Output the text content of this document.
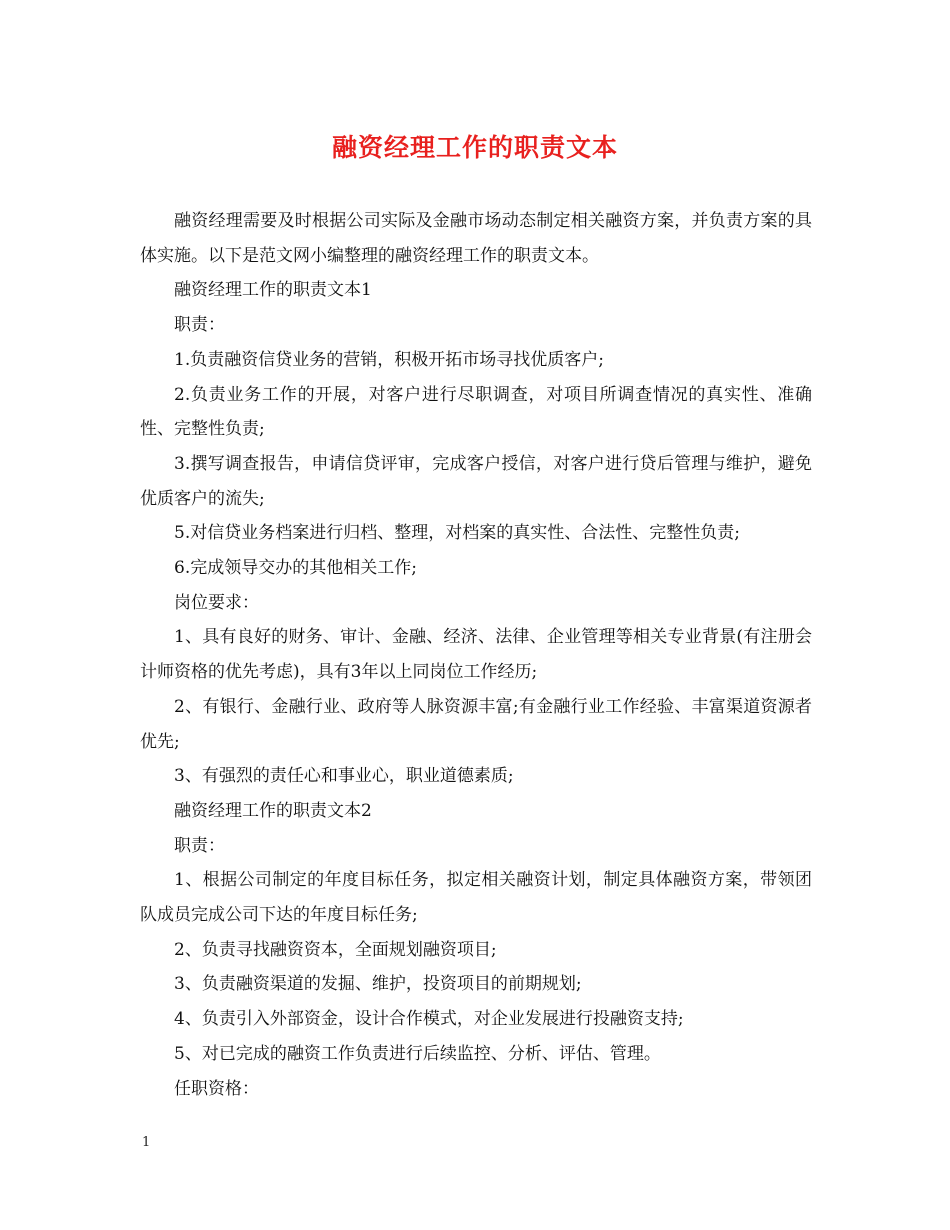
融资经理工作的职责文本

融资经理需要及时根据公司实际及金融市场动态制定相关融资方案，并负责方案的具体实施。以下是范文网小编整理的融资经理工作的职责文本。

融资经理工作的职责文本1

职责：

1.负责融资信贷业务的营销，积极开拓市场寻找优质客户;

2.负责业务工作的开展，对客户进行尽职调查，对项目所调查情况的真实性、准确性、完整性负责;

3.撰写调查报告，申请信贷评审，完成客户授信，对客户进行贷后管理与维护，避免优质客户的流失;

5.对信贷业务档案进行归档、整理，对档案的真实性、合法性、完整性负责;

6.完成领导交办的其他相关工作;

岗位要求：

1、具有良好的财务、审计、金融、经济、法律、企业管理等相关专业背景(有注册会计师资格的优先考虑)，具有3年以上同岗位工作经历;

2、有银行、金融行业、政府等人脉资源丰富;有金融行业工作经验、丰富渠道资源者优先;

3、有强烈的责任心和事业心，职业道德素质;

融资经理工作的职责文本2

职责：

1、根据公司制定的年度目标任务，拟定相关融资计划，制定具体融资方案，带领团队成员完成公司下达的年度目标任务;

2、负责寻找融资资本，全面规划融资项目;

3、负责融资渠道的发掘、维护，投资项目的前期规划;

4、负责引入外部资金，设计合作模式，对企业发展进行投融资支持;

5、对已完成的融资工作负责进行后续监控、分析、评估、管理。

任职资格：

1
